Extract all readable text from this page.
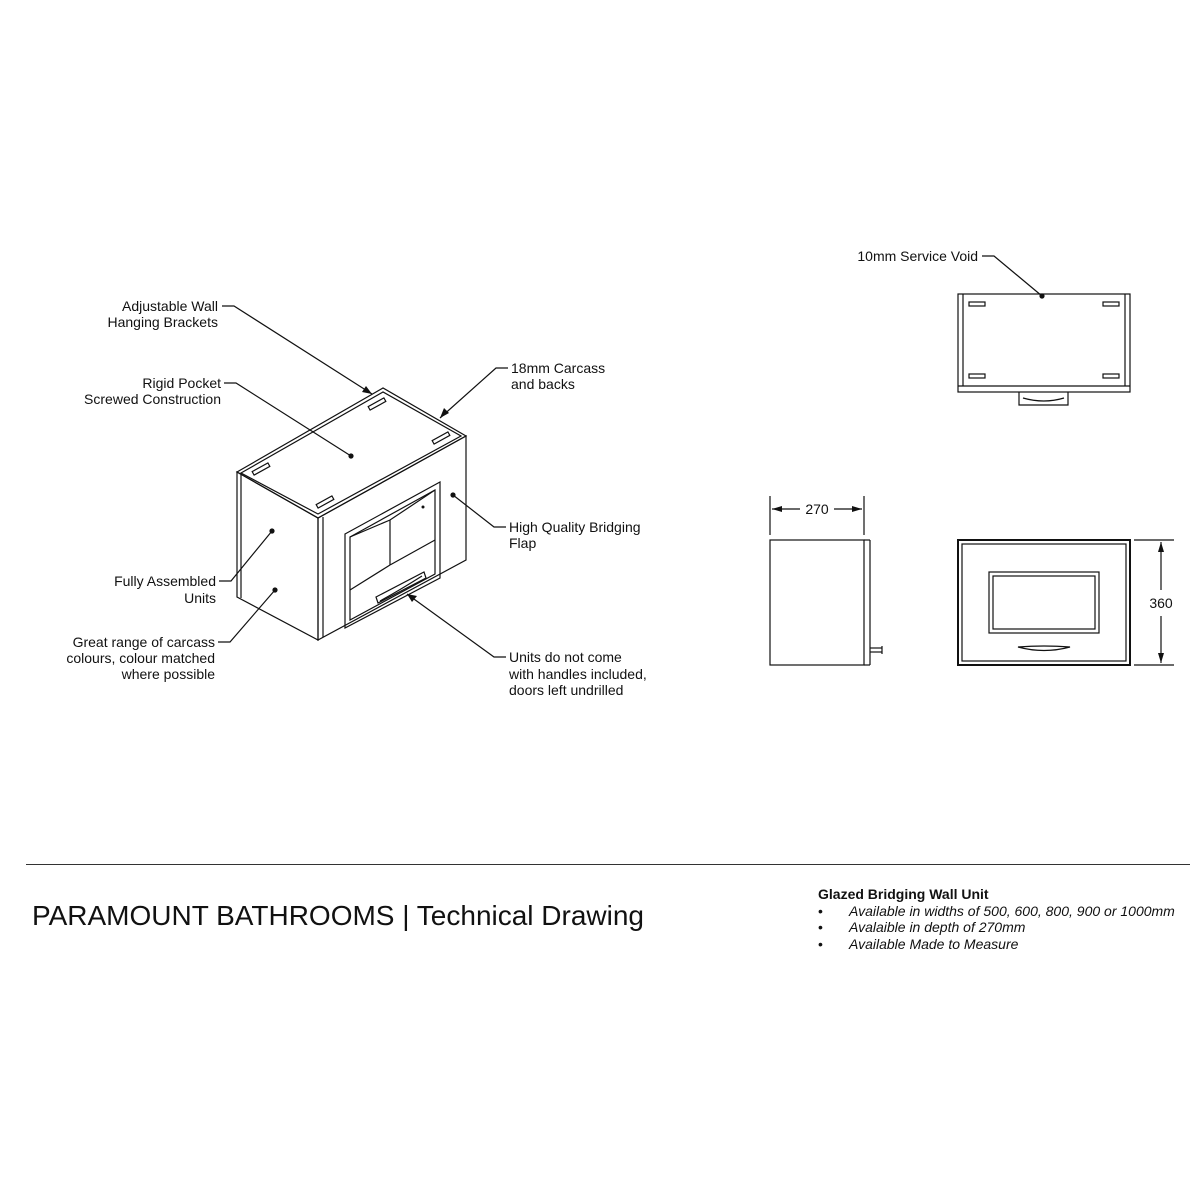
Adjustable Wall
Hanging Brackets
Rigid Pocket
Screwed Construction
18mm Carcass
and backs
High Quality Bridging
Flap
Fully Assembled
Units
Great range of carcass
colours, colour matched
where possible
Units do not come
with handles included,
doors left undrilled
10mm Service Void
270
360
PARAMOUNT BATHROOMS | Technical Drawing
Glazed Bridging Wall Unit
• Available in widths of 500, 600, 800, 900 or 1000mm
• Avalaible in depth of 270mm
• Available Made to Measure
